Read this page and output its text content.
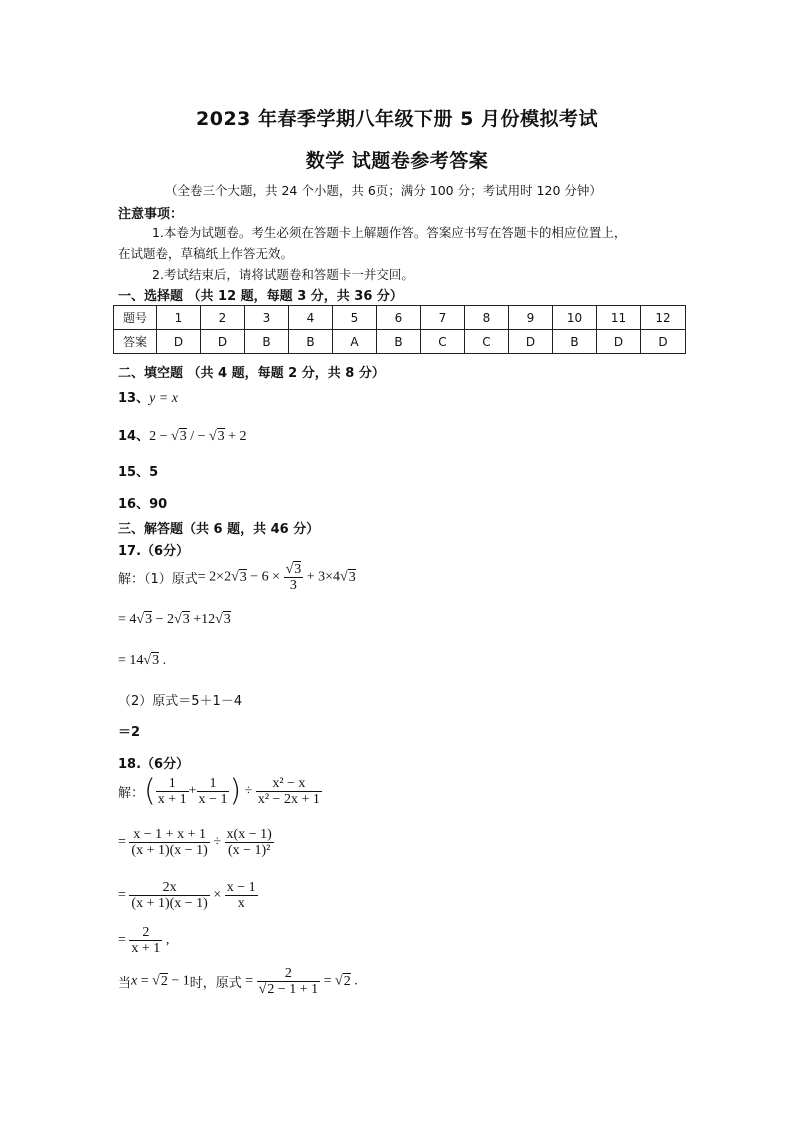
2023 年春季学期八年级下册 5 月份模拟考试
数学 试题卷参考答案
（全卷三个大题，共 24 个小题，共 6页；满分 100 分；考试用时 120 分钟）
注意事项：
1.本卷为试题卷。考生必须在答题卡上解题作答。答案应书写在答题卡的相应位置上，
在试题卷，草稿纸上作答无效。
2.考试结束后，请将试题卷和答题卡一并交回。
一、选择题 （共 12 题，每题 3 分，共 36 分）
题号	1	2	3	4	5	6	7	8	9	10	11	12
答案	D	D	B	B	A	B	C	C	D	B	D	D
二、填空题 （共 4 题，每题 2 分，共 8 分）
13、y = x
14、2 − √3 / − √3 + 2
15、5
16、90
三、解答题（共 6 题，共 46 分）
17.（6分）
解：（1）原式= $2\times 2√3 - 6 \times \frac{√3}{3} + 3\times 4√3$
= 4√3 − 2√3 +12√3
= 14√3 .
（2）原式＝5＋1－4
＝2
18.（6分）
解：( $\frac{1}{x + 1} + \frac{1}{x - 1}$ ) ÷ $\frac{\text{x² − x}}{\text{x² − 2x + 1}}$
= $\frac{x - 1 + x + 1}{(x + 1)(x - 1)} \div \frac{x(x - 1)}{\text{(x − 1)²}}$
= $\frac{2x}{(x + 1)(x - 1)} \times \frac{x - 1}{x}$
= $\frac{2}{x + 1}$ ,
当x = √2 − 1时，原式 = $\frac{2}{√2 - 1 + 1} = √2$ .
